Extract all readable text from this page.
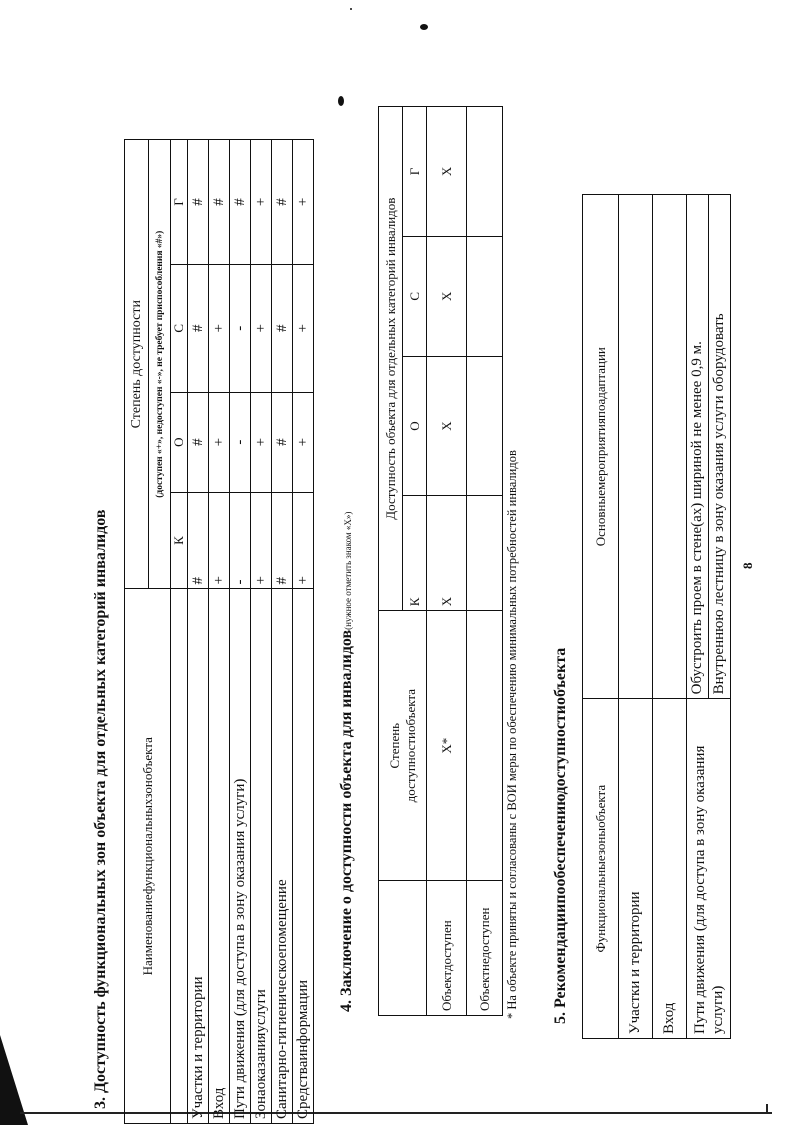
3. Доступность функциональных зон объекта для отдельных категорий инвалидов Наименованиефункциональныхзонобъекта	Степень доступности			
	(доступен «+», недоступен «-», не требует приспособления «#»)			
	К	О	С	Г
Участки и территории	#	#	#	#
Вход	+	+	+	#
Пути движения (для доступа в зону оказания услуги)	-	-	-	#
Зонаоказанияуслуги	+	+	+	+
Санитарно-гигиеническоепомещение	#	#	#	#
Средстваинформации	+	+	+	+
4. Заключение о доступности объекта для инвалидов(нужное отметить знаком «Х»)

	Степень доступностиобъекта	Доступность объекта для отдельных категорий инвалидов			
		К	О	С	Г
Объектдоступен	Х*	Х	Х	Х	Х
Объектнедоступен					* На объекте приняты и согласованы с ВОИ меры по обеспечению минимальных потребностей инвалидов 5. Рекомендациипообеспечениюдоступностиобъекта Функциональныезоныобъекта	Основныемероприятияпоадаптации
Участки и территории	
Вход	
Пути движения (для доступа в зону оказания услуги)	Обустроить проем в стене(ах) шириной не менее 0,9 м. Внутреннюю лестницу в зону оказания услуги оборудовать 8
